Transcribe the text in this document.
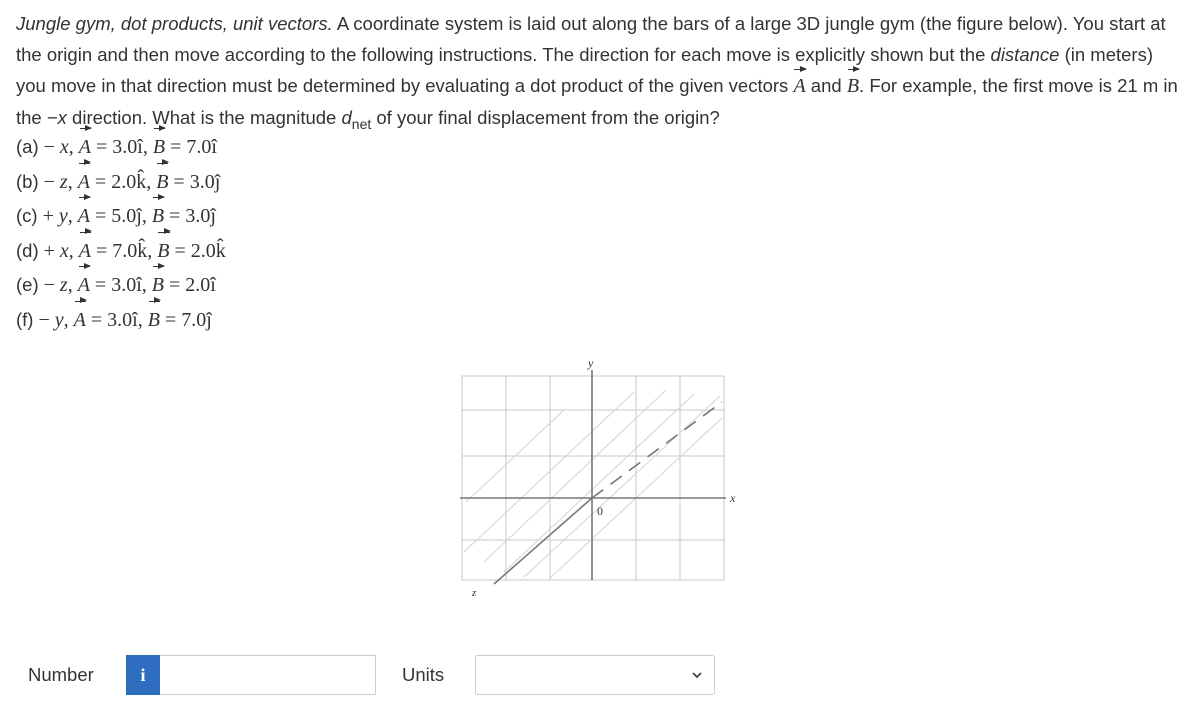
Jungle gym, dot products, unit vectors. A coordinate system is laid out along the bars of a large 3D jungle gym (the figure below). You start at the origin and then move according to the following instructions. The direction for each move is explicitly shown but the distance (in meters) you move in that direction must be determined by evaluating a dot product of the given vectors A and B. For example, the first move is 21 m in the −x direction. What is the magnitude $d_{net}$ of your final displacement from the origin?

(a) − x, A = 3.0î, B = 7.0î
(b) − z, A = 2.0k̂, B = 3.0ĵ
(c) + y, A = 5.0ĵ, B = 3.0ĵ
(d) + x, A = 7.0k̂, B = 2.0k̂
(e) − z, A = 3.0î, B = 2.0î
(f) − y, A = 3.0î, B = 7.0ĵ
y
x
z
0
Number	i	Units
